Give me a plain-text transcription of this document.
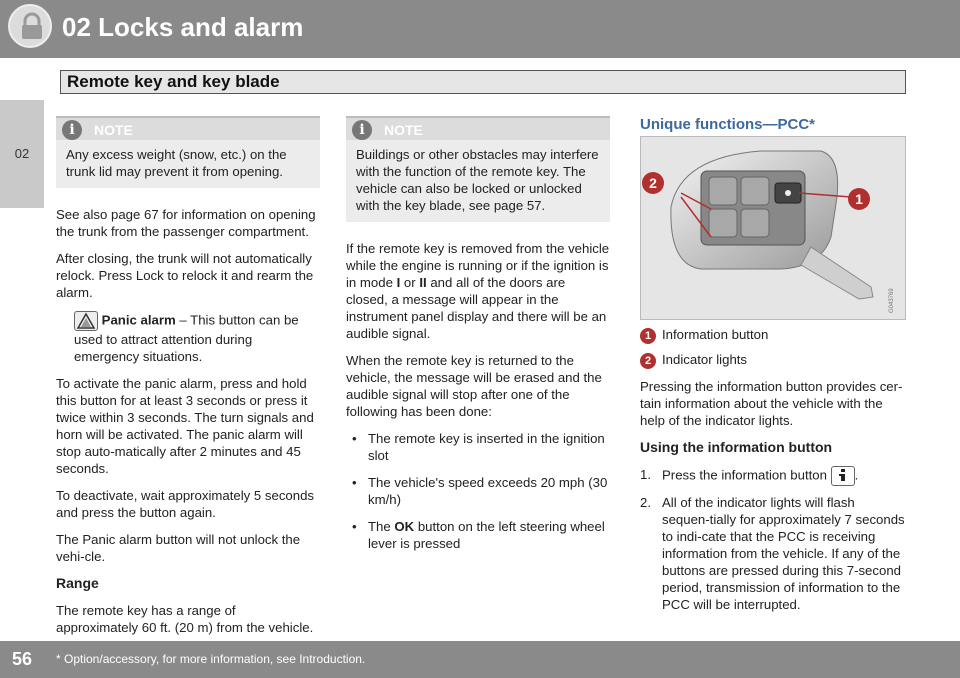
02 Locks and alarm
Remote key and key blade
02
i	NOTE
Any excess weight (snow, etc.) on the trunk lid may prevent it from opening.

See also page 67 for information on opening the trunk from the passenger compartment.

After closing, the trunk will not automatically relock. Press Lock to relock it and rearm the alarm.

Panic alarm – This button can be used to attract attention during emergency situations.

To activate the panic alarm, press and hold this button for at least 3 seconds or press it twice within 3 seconds. The turn signals and horn will be activated. The panic alarm will stop auto-matically after 2 minutes and 45 seconds.

To deactivate, wait approximately 5 seconds and press the button again.

The Panic alarm button will not unlock the vehi-cle.

Range

The remote key has a range of approximately 60 ft. (20 m) from the vehicle.

i	NOTE
Buildings or other obstacles may interfere with the function of the remote key. The vehicle can also be locked or unlocked with the key blade, see page 57.

If the remote key is removed from the vehicle while the engine is running or if the ignition is in mode I or II and all of the doors are closed, a message will appear in the instrument panel display and there will be an audible signal.

When the remote key is returned to the vehicle, the message will be erased and the audible signal will stop after one of the following has been done:

• The remote key is inserted in the ignition slot
• The vehicle's speed exceeds 20 mph (30 km/h)
• The OK button on the left steering wheel lever is pressed
Unique functions—PCC*
2
1
G043769
1 Information button
2 Indicator lights

Pressing the information button provides cer-tain information about the vehicle with the help of the indicator lights.

Using the information button

1. Press the information button .
2. All of the indicator lights will flash sequen-tially for approximately 7 seconds to indi-cate that the PCC is receiving information from the vehicle. If any of the buttons are pressed during this 7-second period, transmission of information to the PCC will be interrupted.
56 * Option/accessory, for more information, see Introduction.
